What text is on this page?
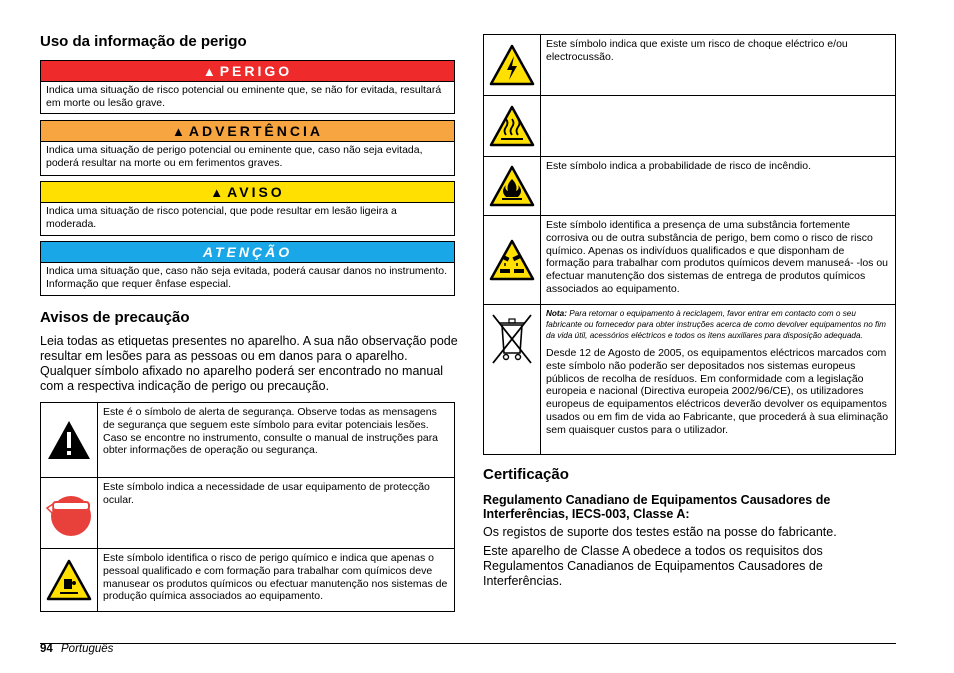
Uso da informação de perigo
▲ PERIGO
Indica uma situação de risco potencial ou eminente que, se não for evitada, resultará em morte ou lesão grave.
▲ ADVERTÊNCIA
Indica uma situação de perigo potencial ou eminente que, caso não seja evitada, poderá resultar na morte ou em ferimentos graves.
▲ AVISO
Indica uma situação de risco potencial, que pode resultar em lesão ligeira a moderada.
ATENÇÃO
Indica uma situação que, caso não seja evitada, poderá causar danos no instrumento. Informação que requer ênfase especial.
Avisos de precaução
Leia todas as etiquetas presentes no aparelho. A sua não observação pode resultar em lesões para as pessoas ou em danos para o aparelho. Qualquer símbolo afixado no aparelho poderá ser encontrado no manual com a respectiva indicação de perigo ou precaução.
	Este é o símbolo de alerta de segurança. Observe todas as mensagens de segurança que seguem este símbolo para evitar potenciais lesões. Caso se encontre no instrumento, consulte o manual de instruções para obter informações de operação ou segurança.

	Este símbolo indica a necessidade de usar equipamento de protecção ocular.

	Este símbolo identifica o risco de perigo químico e indica que apenas o pessoal qualificado e com formação para trabalhar com químicos deve manusear os produtos químicos ou efectuar manutenção nos sistemas de produção química associados ao equipamento.
	Este símbolo indica que existe um risco de choque eléctrico e/ou electrocussão.

	Este símbolo indica a probabilidade de risco de incêndio.

	Este símbolo identifica a presença de uma substância fortemente corrosiva ou de outra substância de perigo, bem como o risco de risco químico. Apenas os indivíduos qualificados e que disponham de formação para trabalhar com produtos químicos devem manuseá- -los ou efectuar manutenção dos sistemas de entrega de produtos químicos associados ao equipamento.

Nota: Para retornar o equipamento à reciclagem, favor entrar em contacto com o seu fabricante ou fornecedor para obter instruções acerca de como devolver equipamentos no fim da vida útil, acessórios eléctricos e todos os itens auxiliares para disposição adequada.
Desde 12 de Agosto de 2005, os equipamentos eléctricos marcados com este símbolo não poderão ser depositados nos sistemas europeus públicos de recolha de resíduos. Em conformidade com a legislação europeia e nacional (Directiva europeia 2002/96/CE), os utilizadores europeus de equipamentos eléctricos deverão devolver os equipamentos usados ou em fim de vida ao Fabricante, que procederá à sua eliminação sem quaisquer custos para o utilizador.
Certificação
Regulamento Canadiano de Equipamentos Causadores de Interferências, IECS-003, Classe A:
Os registos de suporte dos testes estão na posse do fabricante.
Este aparelho de Classe A obedece a todos os requisitos dos Regulamentos Canadianos de Equipamentos Causadores de Interferências.
94 Português
